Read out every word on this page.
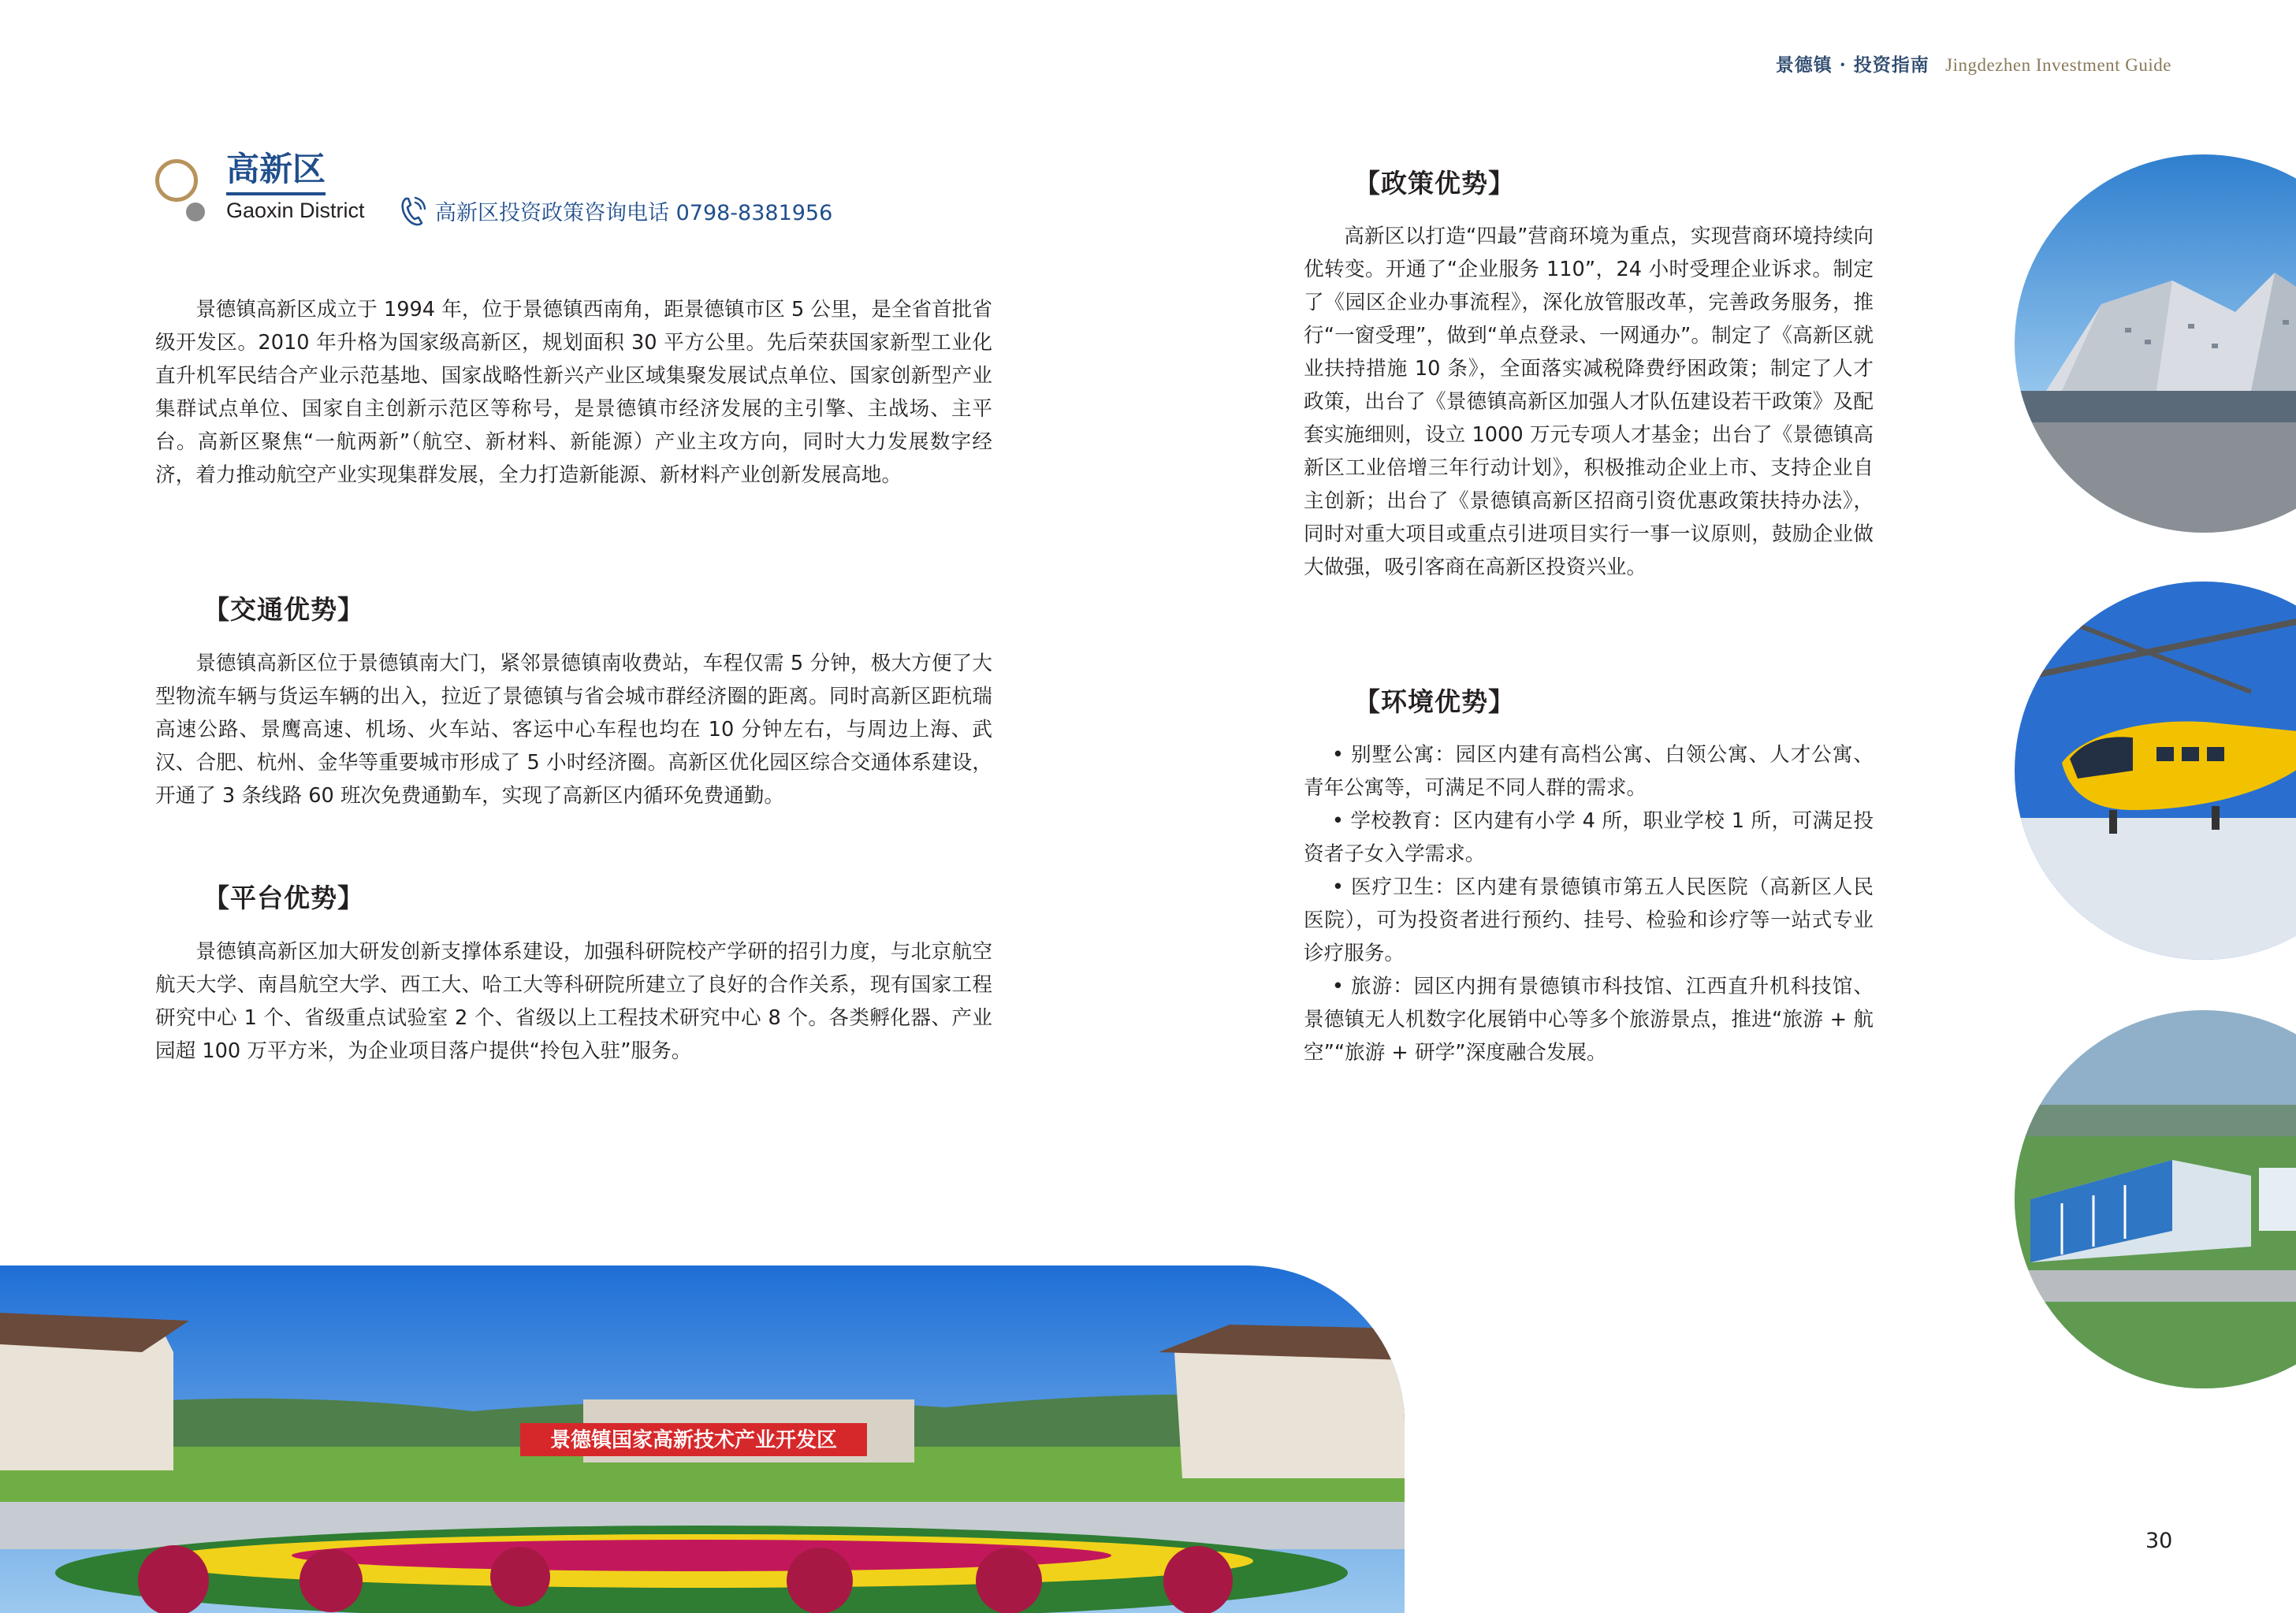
景德镇 · 投资指南 Jingdezhen Investment Guide
高新区
Gaoxin District	高新区投资政策咨询电话 0798-8381956

景德镇高新区成立于 1994 年，位于景德镇西南角，距景德镇市区 5 公里，是全省首批省级开发区。2010 年升格为国家级高新区，规划面积 30 平方公里。先后荣获国家新型工业化直升机军民结合产业示范基地、国家战略性新兴产业区域集聚发展试点单位、国家创新型产业集群试点单位、国家自主创新示范区等称号，是景德镇市经济发展的主引擎、主战场、主平台。高新区聚焦“一航两新”（航空、新材料、新能源）产业主攻方向，同时大力发展数字经济，着力推动航空产业实现集群发展，全力打造新能源、新材料产业创新发展高地。

【交通优势】

景德镇高新区位于景德镇南大门，紧邻景德镇南收费站，车程仅需 5 分钟，极大方便了大型物流车辆与货运车辆的出入，拉近了景德镇与省会城市群经济圈的距离。同时高新区距杭瑞高速公路、景鹰高速、机场、火车站、客运中心车程也均在 10 分钟左右，与周边上海、武汉、合肥、杭州、金华等重要城市形成了 5 小时经济圈。高新区优化园区综合交通体系建设，开通了 3 条线路 60 班次免费通勤车，实现了高新区内循环免费通勤。

【平台优势】

景德镇高新区加大研发创新支撑体系建设，加强科研院校产学研的招引力度，与北京航空航天大学、南昌航空大学、西工大、哈工大等科研院所建立了良好的合作关系，现有国家工程研究中心 1 个、省级重点试验室 2 个、省级以上工程技术研究中心 8 个。各类孵化器、产业园超 100 万平方米，为企业项目落户提供“拎包入驻”服务。

【政策优势】

高新区以打造“四最”营商环境为重点，实现营商环境持续向优转变。开通了“企业服务 110”，24 小时受理企业诉求。制定了《园区企业办事流程》，深化放管服改革，完善政务服务，推行“一窗受理”，做到“单点登录、一网通办”。制定了《高新区就业扶持措施 10 条》，全面落实减税降费纾困政策；制定了人才政策，出台了《景德镇高新区加强人才队伍建设若干政策》及配套实施细则，设立 1000 万元专项人才基金；出台了《景德镇高新区工业倍增三年行动计划》，积极推动企业上市、支持企业自主创新；出台了《景德镇高新区招商引资优惠政策扶持办法》，同时对重大项目或重点引进项目实行一事一议原则，鼓励企业做大做强，吸引客商在高新区投资兴业。

【环境优势】

• 别墅公寓：园区内建有高档公寓、白领公寓、人才公寓、青年公寓等，可满足不同人群的需求。

• 学校教育：区内建有小学 4 所，职业学校 1 所，可满足投资者子女入学需求。

• 医疗卫生：区内建有景德镇市第五人民医院（高新区人民医院），可为投资者进行预约、挂号、检验和诊疗等一站式专业诊疗服务。

• 旅游：园区内拥有景德镇市科技馆、江西直升机科技馆、景德镇无人机数字化展销中心等多个旅游景点，推进“旅游 + 航空”“旅游 + 研学”深度融合发展。

景德镇国家高新技术产业开发区
30
